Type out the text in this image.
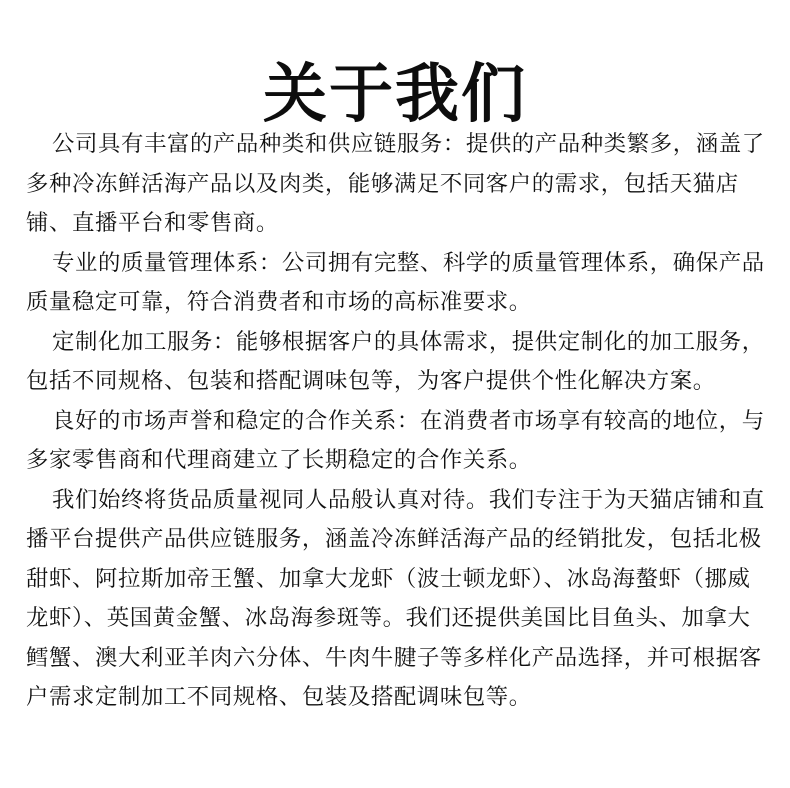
关于我们

公司具有丰富的产品种类和供应链服务：提供的产品种类繁多，涵盖了多种冷冻鲜活海产品以及肉类，能够满足不同客户的需求，包括天猫店铺、直播平台和零售商。

专业的质量管理体系：公司拥有完整、科学的质量管理体系，确保产品质量稳定可靠，符合消费者和市场的高标准要求。

定制化加工服务：能够根据客户的具体需求，提供定制化的加工服务，包括不同规格、包装和搭配调味包等，为客户提供个性化解决方案。

良好的市场声誉和稳定的合作关系：在消费者市场享有较高的地位，与多家零售商和代理商建立了长期稳定的合作关系。

我们始终将货品质量视同人品般认真对待。我们专注于为天猫店铺和直播平台提供产品供应链服务，涵盖冷冻鲜活海产品的经销批发，包括北极甜虾、阿拉斯加帝王蟹、加拿大龙虾（波士顿龙虾）、冰岛海螯虾（挪威龙虾）、英国黄金蟹、冰岛海参斑等。我们还提供美国比目鱼头、加拿大鳕蟹、澳大利亚羊肉六分体、牛肉牛腱子等多样化产品选择，并可根据客户需求定制加工不同规格、包装及搭配调味包等。
